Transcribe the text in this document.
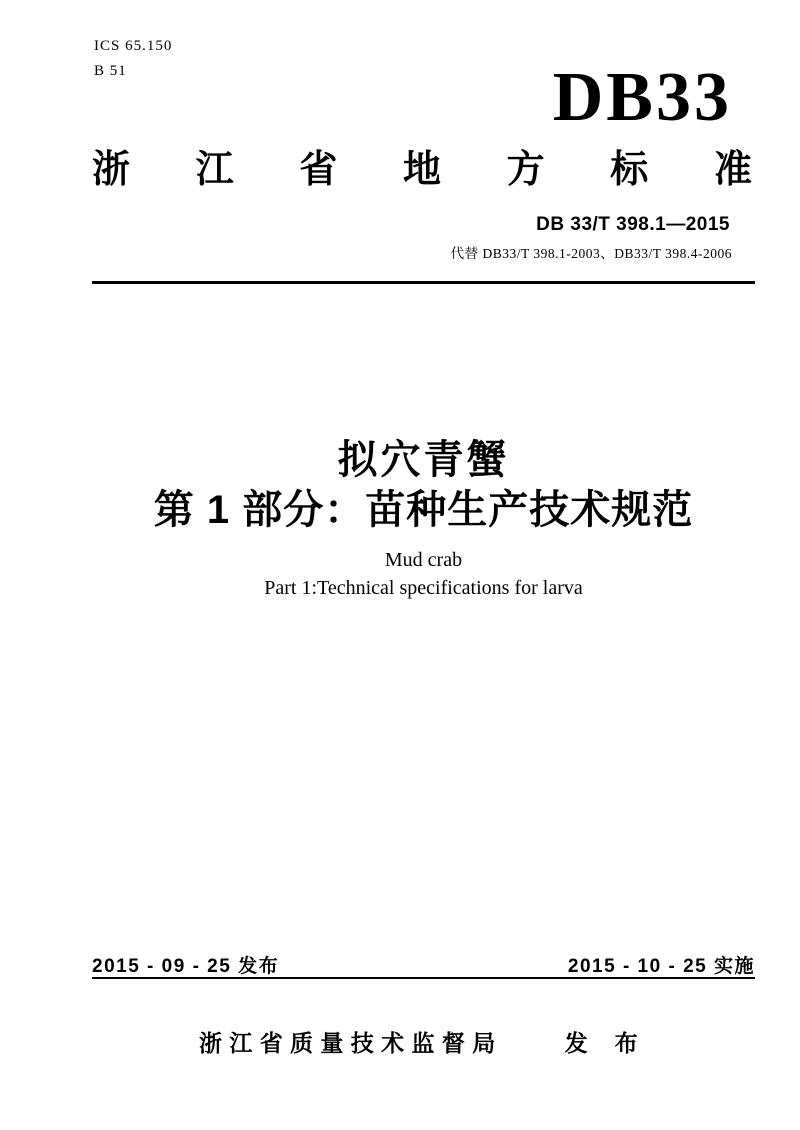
ICS 65.150
B 51	DB33
浙 江 省 地 方 标 准
DB 33/T 398.1—2015
代替 DB33/T 398.1-2003、DB33/T 398.4-2006
拟穴青蟹
第 1 部分：苗种生产技术规范
Mud crab
Part 1:Technical specifications for larva
2015 - 09 - 25 发布	2015 - 10 - 25 实施
浙江省质量技术监督局	发 布
